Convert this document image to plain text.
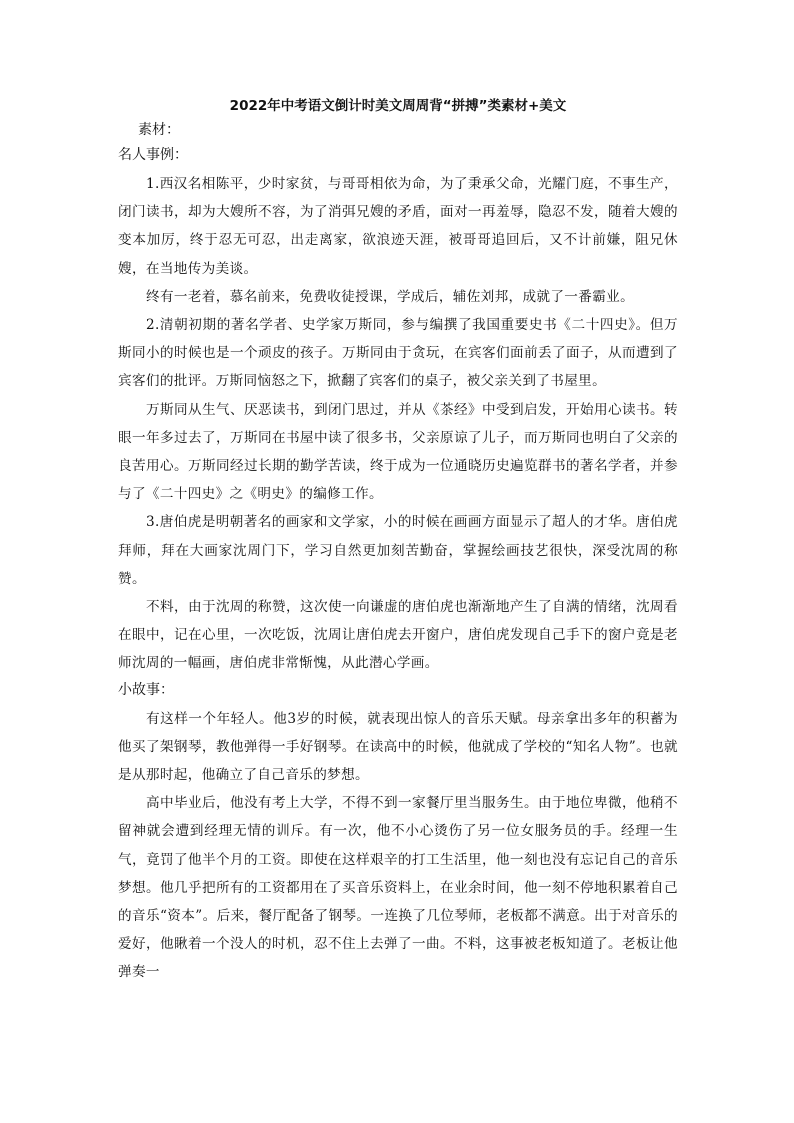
2022年中考语文倒计时美文周周背“拼搏”类素材+美文
素材：
名人事例：

1.西汉名相陈平，少时家贫，与哥哥相依为命，为了秉承父命，光耀门庭，不事生产，闭门读书，却为大嫂所不容，为了消弭兄嫂的矛盾，面对一再羞辱，隐忍不发，随着大嫂的变本加厉，终于忍无可忍，出走离家，欲浪迹天涯，被哥哥追回后，又不计前嫌，阻兄休嫂，在当地传为美谈。

终有一老着，慕名前来，免费收徒授课，学成后，辅佐刘邦，成就了一番霸业。

2.清朝初期的著名学者、史学家万斯同，参与编撰了我国重要史书《二十四史》。但万斯同小的时候也是一个顽皮的孩子。万斯同由于贪玩，在宾客们面前丢了面子，从而遭到了宾客们的批评。万斯同恼怒之下，掀翻了宾客们的桌子，被父亲关到了书屋里。

万斯同从生气、厌恶读书，到闭门思过，并从《茶经》中受到启发，开始用心读书。转眼一年多过去了，万斯同在书屋中读了很多书，父亲原谅了儿子，而万斯同也明白了父亲的良苦用心。万斯同经过长期的勤学苦读，终于成为一位通晓历史遍览群书的著名学者，并参与了《二十四史》之《明史》的编修工作。

3.唐伯虎是明朝著名的画家和文学家，小的时候在画画方面显示了超人的才华。唐伯虎拜师，拜在大画家沈周门下，学习自然更加刻苦勤奋，掌握绘画技艺很快，深受沈周的称赞。

不料，由于沈周的称赞，这次使一向谦虚的唐伯虎也渐渐地产生了自满的情绪，沈周看在眼中，记在心里，一次吃饭，沈周让唐伯虎去开窗户，唐伯虎发现自己手下的窗户竟是老师沈周的一幅画，唐伯虎非常惭愧，从此潜心学画。

小故事：

有这样一个年轻人。他3岁的时候，就表现出惊人的音乐天赋。母亲拿出多年的积蓄为他买了架钢琴，教他弹得一手好钢琴。在读高中的时候，他就成了学校的“知名人物”。也就是从那时起，他确立了自己音乐的梦想。

高中毕业后，他没有考上大学，不得不到一家餐厅里当服务生。由于地位卑微，他稍不留神就会遭到经理无情的训斥。有一次，他不小心烫伤了另一位女服务员的手。经理一生气，竟罚了他半个月的工资。即使在这样艰辛的打工生活里，他一刻也没有忘记自己的音乐梦想。他几乎把所有的工资都用在了买音乐资料上，在业余时间，他一刻不停地积累着自己的音乐“资本”。后来，餐厅配备了钢琴。一连换了几位琴师，老板都不满意。出于对音乐的爱好，他瞅着一个没人的时机，忍不住上去弹了一曲。不料，这事被老板知道了。老板让他弹奏一
